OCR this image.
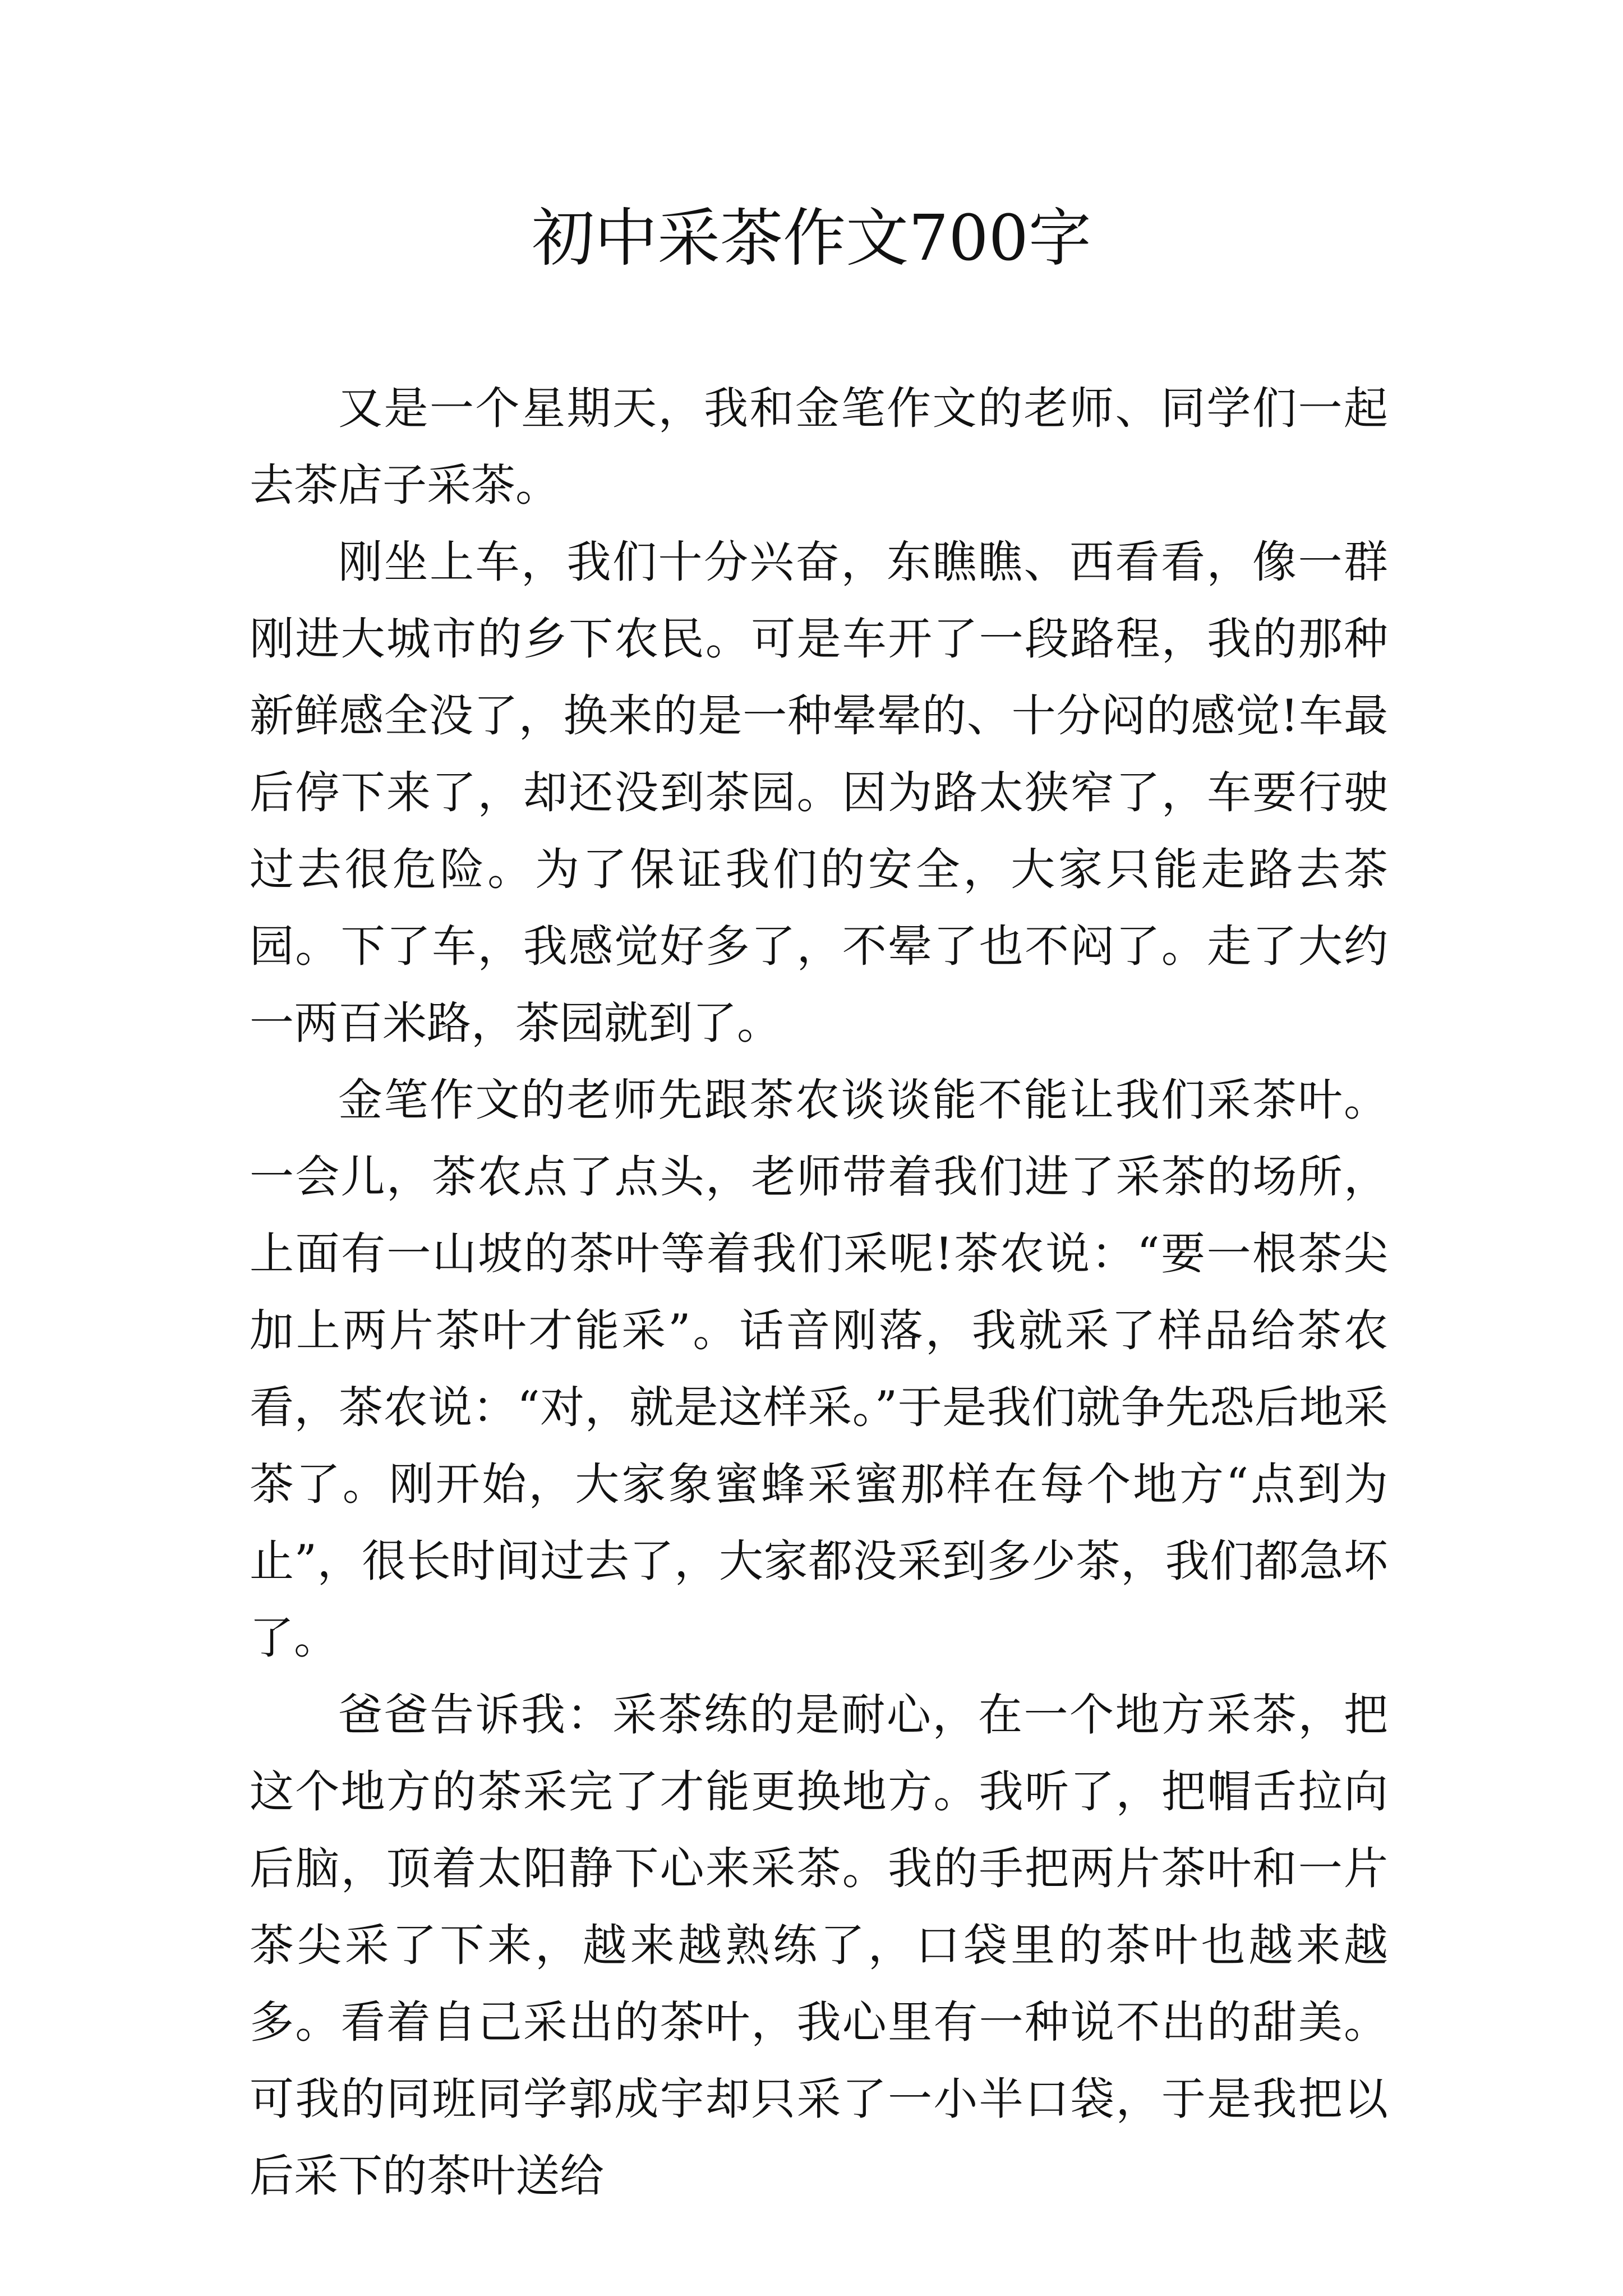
初中采茶作文700字

又是一个星期天，我和金笔作文的老师、同学们一起去茶店子采茶。

刚坐上车，我们十分兴奋，东瞧瞧、西看看，像一群刚进大城市的乡下农民。可是车开了一段路程，我的那种新鲜感全没了，换来的是一种晕晕的、十分闷的感觉!车最后停下来了，却还没到茶园。因为路太狭窄了，车要行驶过去很危险。为了保证我们的安全，大家只能走路去茶园。下了车，我感觉好多了，不晕了也不闷了。走了大约一两百米路，茶园就到了。

金笔作文的老师先跟茶农谈谈能不能让我们采茶叶。一会儿，茶农点了点头，老师带着我们进了采茶的场所，上面有一山坡的茶叶等着我们采呢!茶农说：“要一根茶尖加上两片茶叶才能采”。话音刚落，我就采了样品给茶农看，茶农说：“对，就是这样采。”于是我们就争先恐后地采茶了。刚开始，大家象蜜蜂采蜜那样在每个地方“点到为止”，很长时间过去了，大家都没采到多少茶，我们都急坏了。

爸爸告诉我：采茶练的是耐心，在一个地方采茶，把这个地方的茶采完了才能更换地方。我听了，把帽舌拉向后脑，顶着太阳静下心来采茶。我的手把两片茶叶和一片茶尖采了下来，越来越熟练了，口袋里的茶叶也越来越多。看着自己采出的茶叶，我心里有一种说不出的甜美。可我的同班同学郭成宇却只采了一小半口袋，于是我把以后采下的茶叶送给
